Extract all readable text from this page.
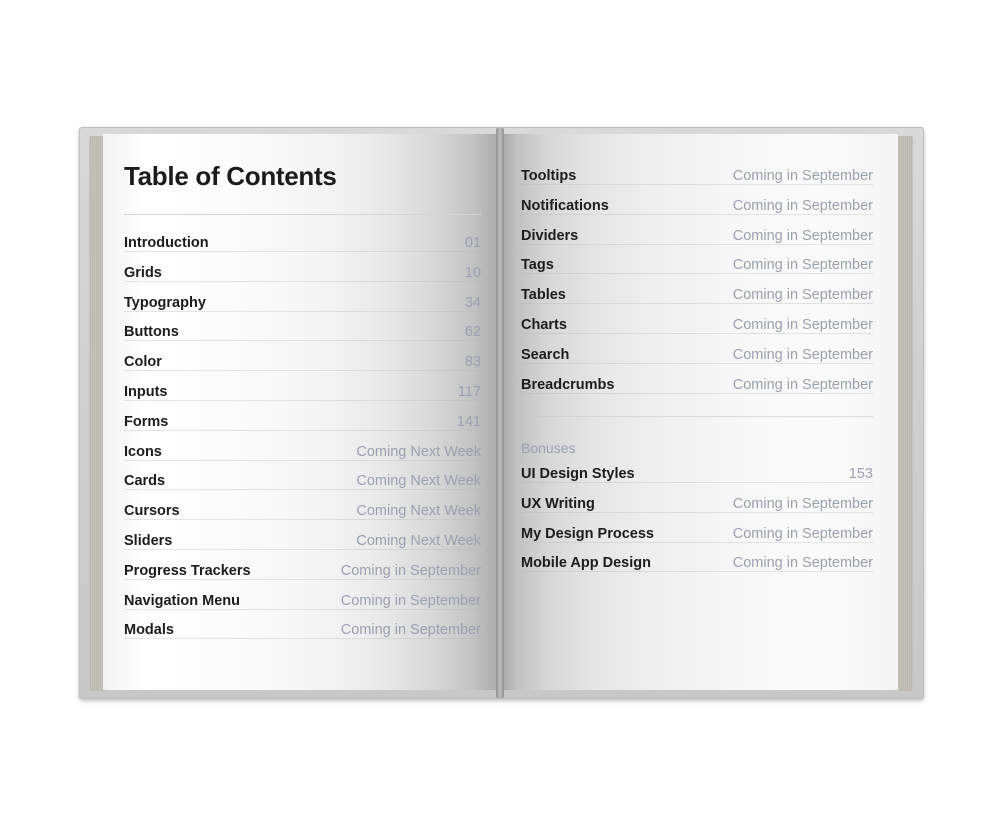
Table of Contents
Introduction	01
Grids	10
Typography	34
Buttons	62
Color	83
Inputs	117
Forms	141
Icons	Coming Next Week
Cards	Coming Next Week
Cursors	Coming Next Week
Sliders	Coming Next Week
Progress Trackers	Coming in September
Navigation Menu	Coming in September
Modals	Coming in September
Tooltips	Coming in September
Notifications	Coming in September
Dividers	Coming in September
Tags	Coming in September
Tables	Coming in September
Charts	Coming in September
Search	Coming in September
Breadcrumbs	Coming in September
Bonuses
UI Design Styles	153
UX Writing	Coming in September
My Design Process	Coming in September
Mobile App Design	Coming in September
